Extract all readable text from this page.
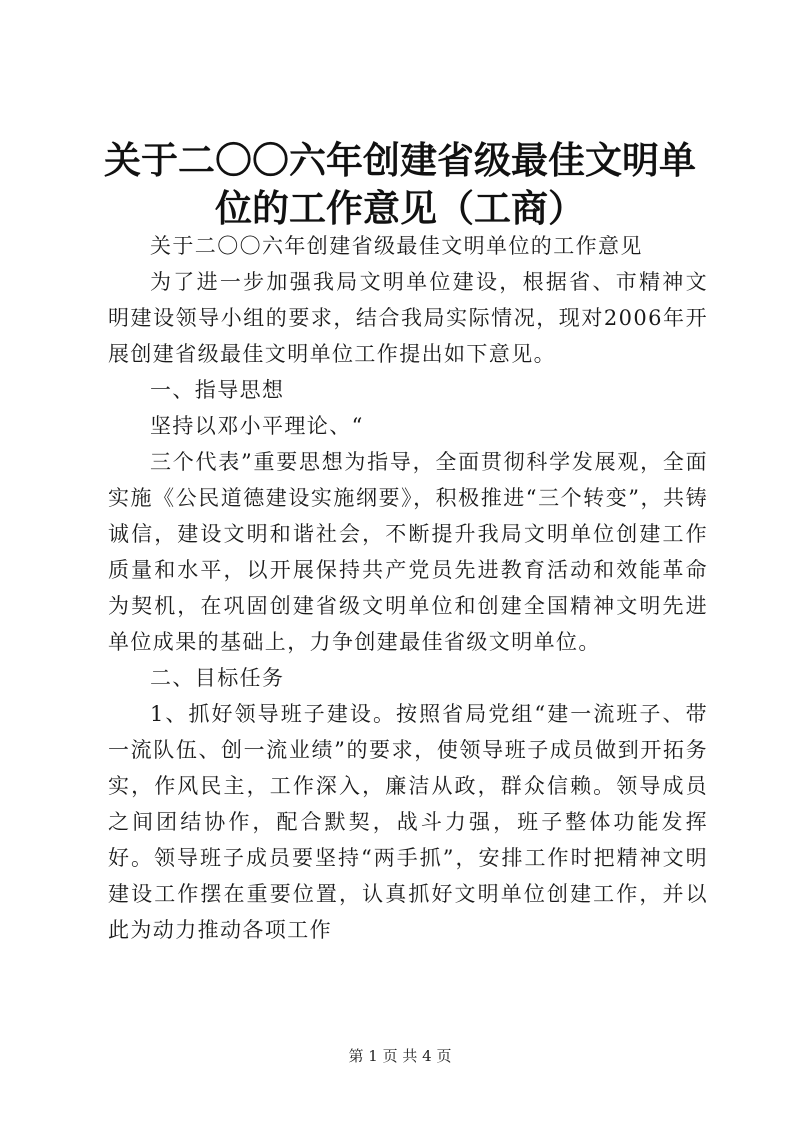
关于二〇〇六年创建省级最佳文明单位的工作意见（工商）

关于二〇〇六年创建省级最佳文明单位的工作意见

为了进一步加强我局文明单位建设，根据省、市精神文明建设领导小组的要求，结合我局实际情况，现对2006年开展创建省级最佳文明单位工作提出如下意见。

一、指导思想

坚持以邓小平理论、“

三个代表”重要思想为指导，全面贯彻科学发展观，全面实施《公民道德建设实施纲要》，积极推进“三个转变”，共铸诚信，建设文明和谐社会，不断提升我局文明单位创建工作质量和水平，以开展保持共产党员先进教育活动和效能革命为契机，在巩固创建省级文明单位和创建全国精神文明先进单位成果的基础上，力争创建最佳省级文明单位。

二、目标任务

1、抓好领导班子建设。按照省局党组“建一流班子、带一流队伍、创一流业绩”的要求，使领导班子成员做到开拓务实，作风民主，工作深入，廉洁从政，群众信赖。领导成员之间团结协作，配合默契，战斗力强，班子整体功能发挥好。领导班子成员要坚持“两手抓”，安排工作时把精神文明建设工作摆在重要位置，认真抓好文明单位创建工作，并以此为动力推动各项工作

第 1 页 共 4 页
